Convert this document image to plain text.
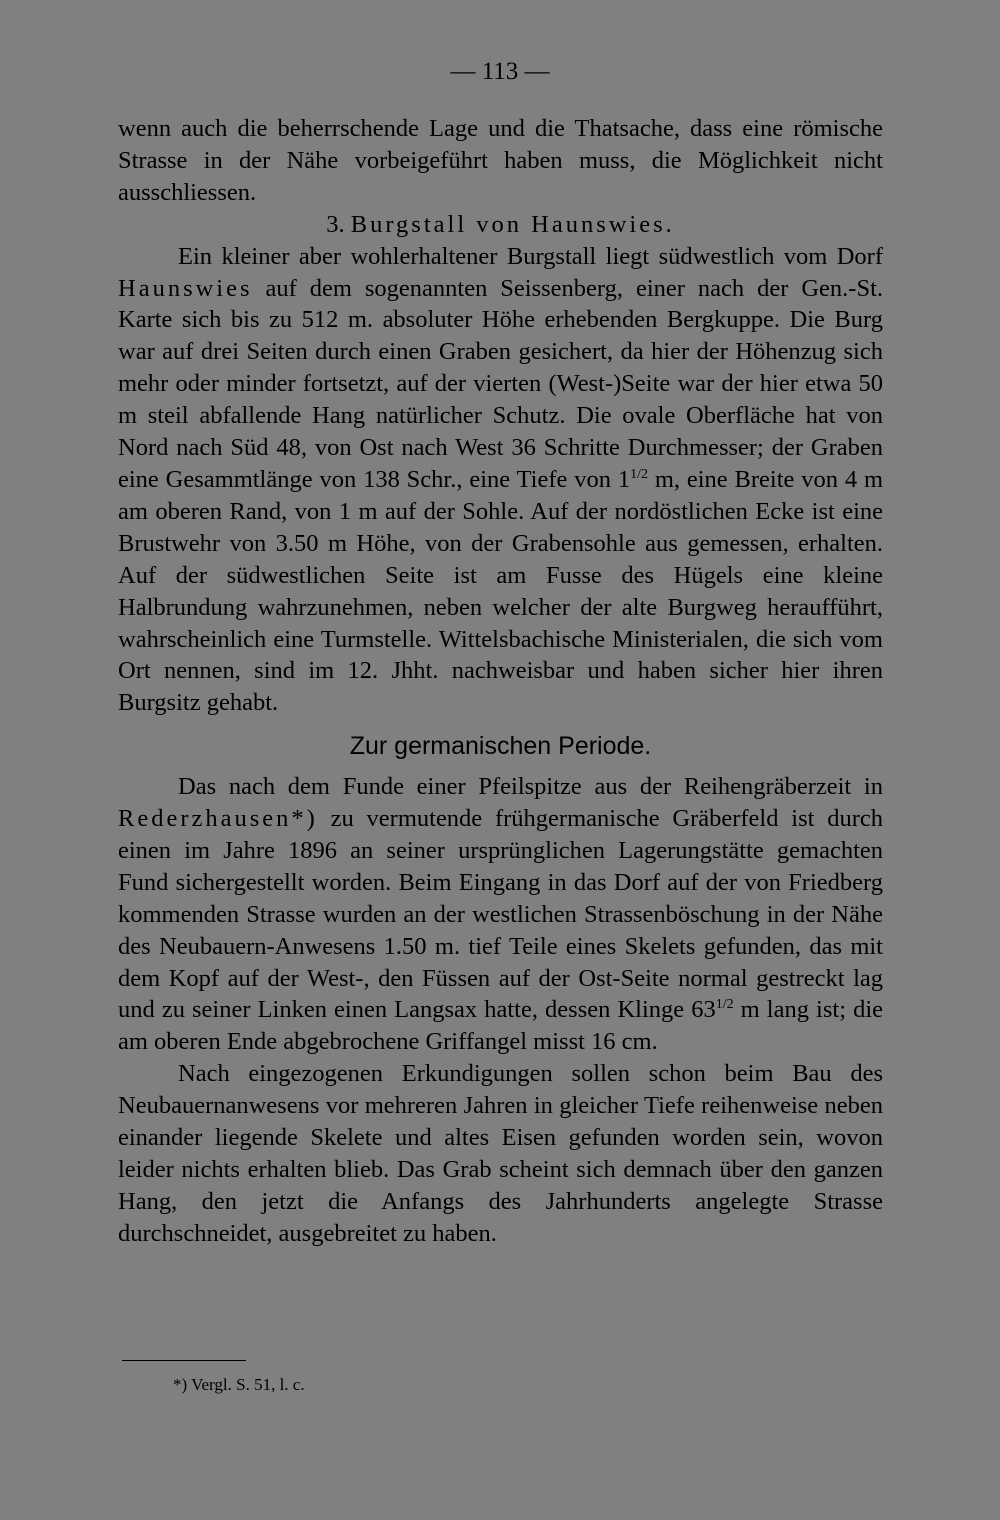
— 113 —

wenn auch die beherrschende Lage und die Thatsache, dass eine römische Strasse in der Nähe vorbeigeführt haben muss, die Möglichkeit nicht ausschliessen.

3. Burgstall von Haunswies.

Ein kleiner aber wohlerhaltener Burgstall liegt südwestlich vom Dorf Haunswies auf dem sogenannten Seissenberg, einer nach der Gen.-St. Karte sich bis zu 512 m. absoluter Höhe erhebenden Bergkuppe. Die Burg war auf drei Seiten durch einen Graben gesichert, da hier der Höhenzug sich mehr oder minder fortsetzt, auf der vierten (West-)Seite war der hier etwa 50 m steil abfallende Hang natürlicher Schutz. Die ovale Oberfläche hat von Nord nach Süd 48, von Ost nach West 36 Schritte Durchmesser; der Graben eine Gesammtlänge von 138 Schr., eine Tiefe von $1^{1/2}$ m, eine Breite von 4 m am oberen Rand, von 1 m auf der Sohle. Auf der nordöstlichen Ecke ist eine Brustwehr von 3.50 m Höhe, von der Grabensohle aus gemessen, erhalten. Auf der südwestlichen Seite ist am Fusse des Hügels eine kleine Halbrundung wahrzunehmen, neben welcher der alte Burgweg heraufführt, wahrscheinlich eine Turmstelle. Wittelsbachische Ministerialen, die sich vom Ort nennen, sind im 12. Jhht. nachweisbar und haben sicher hier ihren Burgsitz gehabt.

Zur germanischen Periode.

Das nach dem Funde einer Pfeilspitze aus der Reihengräberzeit in Rederzhausen*) zu vermutende frühgermanische Gräberfeld ist durch einen im Jahre 1896 an seiner ursprünglichen Lagerungstätte gemachten Fund sichergestellt worden. Beim Eingang in das Dorf auf der von Friedberg kommenden Strasse wurden an der westlichen Strassenböschung in der Nähe des Neubauern-Anwesens 1.50 m. tief Teile eines Skelets gefunden, das mit dem Kopf auf der West-, den Füssen auf der Ost-Seite normal gestreckt lag und zu seiner Linken einen Langsax hatte, dessen Klinge $63^{1/2}$ m lang ist; die am oberen Ende abgebrochene Griffangel misst 16 cm.

Nach eingezogenen Erkundigungen sollen schon beim Bau des Neubauernanwesens vor mehreren Jahren in gleicher Tiefe reihenweise neben einander liegende Skelete und altes Eisen gefunden worden sein, wovon leider nichts erhalten blieb. Das Grab scheint sich demnach über den ganzen Hang, den jetzt die Anfangs des Jahrhunderts angelegte Strasse durchschneidet, ausgebreitet zu haben.

*) Vergl. S. 51, l. c.
